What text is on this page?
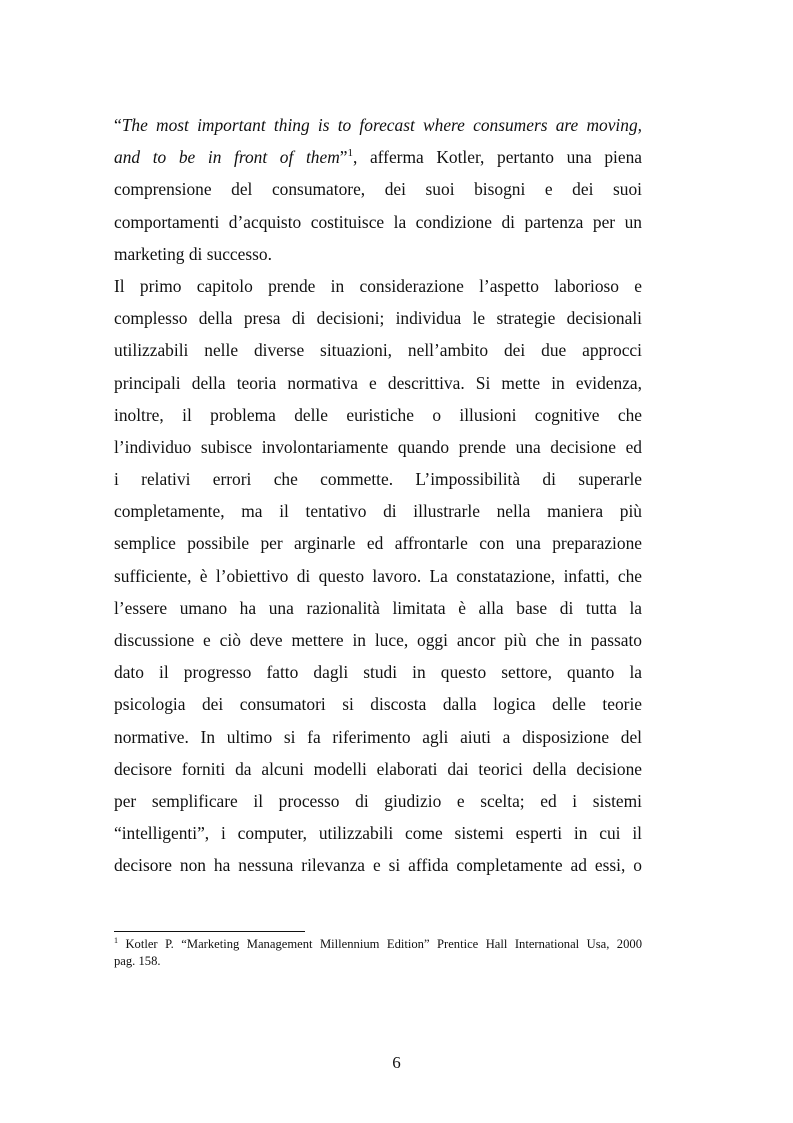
“The most important thing is to forecast where consumers are moving,
and to be in front of them”$^1$, afferma Kotler, pertanto una piena
comprensione del consumatore, dei suoi bisogni e dei suoi
comportamenti d’acquisto costituisce la condizione di partenza per un
marketing di successo.
Il primo capitolo prende in considerazione l’aspetto laborioso e
complesso della presa di decisioni; individua le strategie decisionali
utilizzabili nelle diverse situazioni, nell’ambito dei due approcci
principali della teoria normativa e descrittiva. Si mette in evidenza,
inoltre, il problema delle euristiche o illusioni cognitive che
l’individuo subisce involontariamente quando prende una decisione ed
i relativi errori che commette. L’impossibilità di superarle
completamente, ma il tentativo di illustrarle nella maniera più
semplice possibile per arginarle ed affrontarle con una preparazione
sufficiente, è l’obiettivo di questo lavoro. La constatazione, infatti, che
l’essere umano ha una razionalità limitata è alla base di tutta la
discussione e ciò deve mettere in luce, oggi ancor più che in passato
dato il progresso fatto dagli studi in questo settore, quanto la
psicologia dei consumatori si discosta dalla logica delle teorie
normative. In ultimo si fa riferimento agli aiuti a disposizione del
decisore forniti da alcuni modelli elaborati dai teorici della decisione
per semplificare il processo di giudizio e scelta; ed i sistemi
“intelligenti”, i computer, utilizzabili come sistemi esperti in cui il
decisore non ha nessuna rilevanza e si affida completamente ad essi, o
$^1$ Kotler P. “Marketing Management Millennium Edition” Prentice Hall International Usa, 2000
pag. 158.
6
